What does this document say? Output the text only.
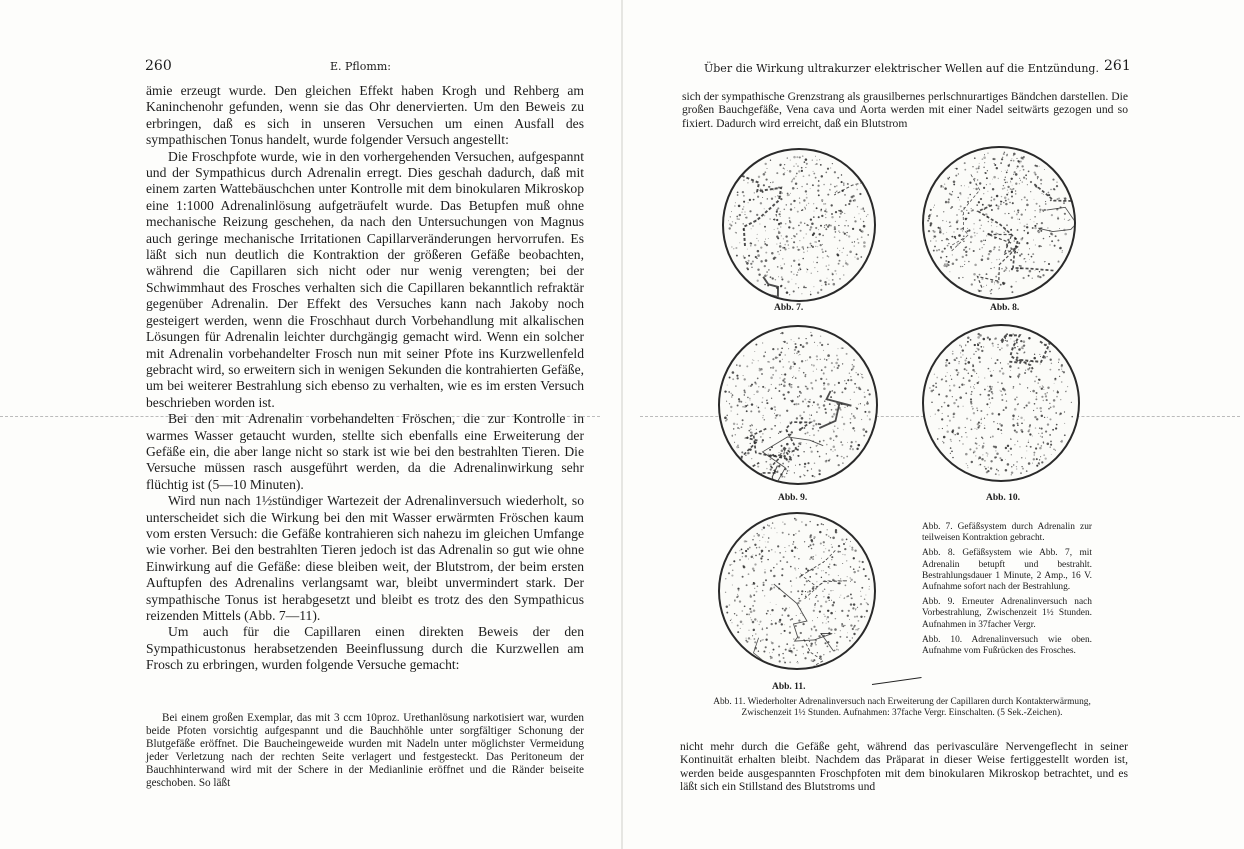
260	E. Pflomm:

ämie erzeugt wurde. Den gleichen Effekt haben Krogh und Rehberg am Kaninchenohr gefunden, wenn sie das Ohr denervierten. Um den Beweis zu erbringen, daß es sich in unseren Versuchen um einen Ausfall des sympathischen Tonus handelt, wurde folgender Versuch angestellt:

Die Froschpfote wurde, wie in den vorhergehenden Versuchen, aufgespannt und der Sympathicus durch Adrenalin erregt. Dies geschah dadurch, daß mit einem zarten Wattebäuschchen unter Kontrolle mit dem binokularen Mikroskop eine 1:1000 Adrenalinlösung aufgeträufelt wurde. Das Betupfen muß ohne mechanische Reizung geschehen, da nach den Untersuchungen von Magnus auch geringe mechanische Irritationen Capillarveränderungen hervorrufen. Es läßt sich nun deutlich die Kontraktion der größeren Gefäße beobachten, während die Capillaren sich nicht oder nur wenig verengten; bei der Schwimmhaut des Frosches verhalten sich die Capillaren bekanntlich refraktär gegenüber Adrenalin. Der Effekt des Versuches kann nach Jakoby noch gesteigert werden, wenn die Froschhaut durch Vorbehandlung mit alkalischen Lösungen für Adrenalin leichter durchgängig gemacht wird. Wenn ein solcher mit Adrenalin vorbehandelter Frosch nun mit seiner Pfote ins Kurzwellenfeld gebracht wird, so erweitern sich in wenigen Sekunden die kontrahierten Gefäße, um bei weiterer Bestrahlung sich ebenso zu verhalten, wie es im ersten Versuch beschrieben worden ist.

Bei den mit Adrenalin vorbehandelten Fröschen, die zur Kontrolle in warmes Wasser getaucht wurden, stellte sich ebenfalls eine Erweiterung der Gefäße ein, die aber lange nicht so stark ist wie bei den bestrahlten Tieren. Die Versuche müssen rasch ausgeführt werden, da die Adrenalinwirkung sehr flüchtig ist (5—10 Minuten).

Wird nun nach 1½stündiger Wartezeit der Adrenalinversuch wiederholt, so unterscheidet sich die Wirkung bei den mit Wasser erwärmten Fröschen kaum vom ersten Versuch: die Gefäße kontrahieren sich nahezu im gleichen Umfange wie vorher. Bei den bestrahlten Tieren jedoch ist das Adrenalin so gut wie ohne Einwirkung auf die Gefäße: diese bleiben weit, der Blutstrom, der beim ersten Auftupfen des Adrenalins verlangsamt war, bleibt unvermindert stark. Der sympathische Tonus ist herabgesetzt und bleibt es trotz des den Sympathicus reizenden Mittels (Abb. 7—11).

Um auch für die Capillaren einen direkten Beweis der den Sympathicustonus herabsetzenden Beeinflussung durch die Kurzwellen am Frosch zu erbringen, wurden folgende Versuche gemacht:

Bei einem großen Exemplar, das mit 3 ccm 10proz. Urethanlösung narkotisiert war, wurden beide Pfoten vorsichtig aufgespannt und die Bauchhöhle unter sorgfältiger Schonung der Blutgefäße eröffnet. Die Baucheingeweide wurden mit Nadeln unter möglichster Vermeidung jeder Verletzung nach der rechten Seite verlagert und festgesteckt. Das Peritoneum der Bauchhinterwand wird mit der Schere in der Medianlinie eröffnet und die Ränder beiseite geschoben. So läßt

Über die Wirkung ultrakurzer elektrischer Wellen auf die Entzündung. 261

sich der sympathische Grenzstrang als grausilbernes perlschnurartiges Bändchen darstellen. Die großen Bauchgefäße, Vena cava und Aorta werden mit einer Nadel seitwärts gezogen und so fixiert. Dadurch wird erreicht, daß ein Blutstrom

Abb. 7.	Abb. 8.
Abb. 9.	Abb. 10.
Abb. 11.

Abb. 7. Gefäßsystem durch Adrenalin zur teilweisen Kontraktion gebracht.

Abb. 8. Gefäßsystem wie Abb. 7, mit Adrenalin betupft und bestrahlt. Bestrahlungsdauer 1 Minute, 2 Amp., 16 V. Aufnahme sofort nach der Bestrahlung.

Abb. 9. Erneuter Adrenalinversuch nach Vorbestrahlung, Zwischenzeit 1½ Stunden. Aufnahmen in 37facher Vergr.

Abb. 10. Adrenalinversuch wie oben. Aufnahme vom Fußrücken des Frosches.

Abb. 11. Wiederholter Adrenalinversuch nach Erweiterung der Capillaren durch Kontakterwärmung, Zwischenzeit 1½ Stunden. Aufnahmen: 37fache Vergr. Einschalten. (5 Sek.-Zeichen).

nicht mehr durch die Gefäße geht, während das perivasculäre Nervengeflecht in seiner Kontinuität erhalten bleibt. Nachdem das Präparat in dieser Weise fertiggestellt worden ist, werden beide ausgespannten Froschpfoten mit dem binokularen Mikroskop betrachtet, und es läßt sich ein Stillstand des Blutstroms und
